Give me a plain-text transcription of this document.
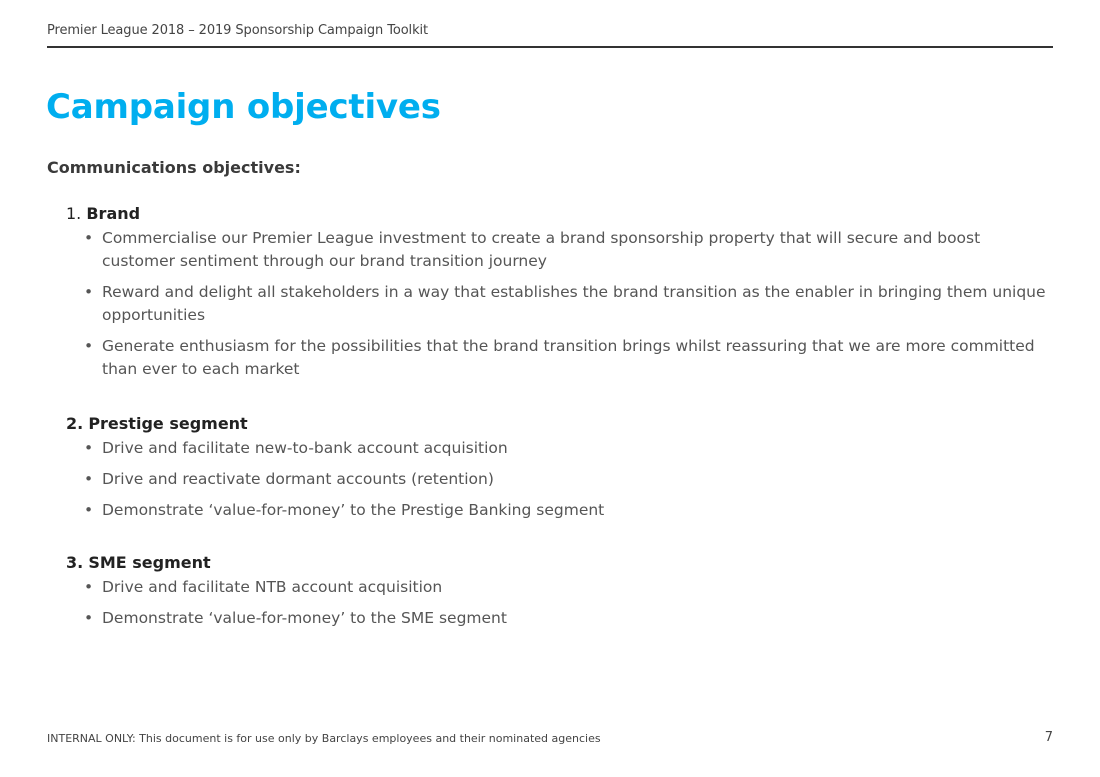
Premier League 2018 – 2019 Sponsorship Campaign Toolkit
Campaign objectives

Communications objectives:

1. Brand

• Commercialise our Premier League investment to create a brand sponsorship property that will secure and boost customer sentiment through our brand transition journey
• Reward and delight all stakeholders in a way that establishes the brand transition as the enabler in bringing them unique opportunities
• Generate enthusiasm for the possibilities that the brand transition brings whilst reassuring that we are more committed than ever to each market

2. Prestige segment

• Drive and facilitate new-to-bank account acquisition
• Drive and reactivate dormant accounts (retention)
• Demonstrate ‘value-for-money’ to the Prestige Banking segment

3. SME segment

• Drive and facilitate NTB account acquisition
• Demonstrate ‘value-for-money’ to the SME segment
INTERNAL ONLY: This document is for use only by Barclays employees and their nominated agencies	7
